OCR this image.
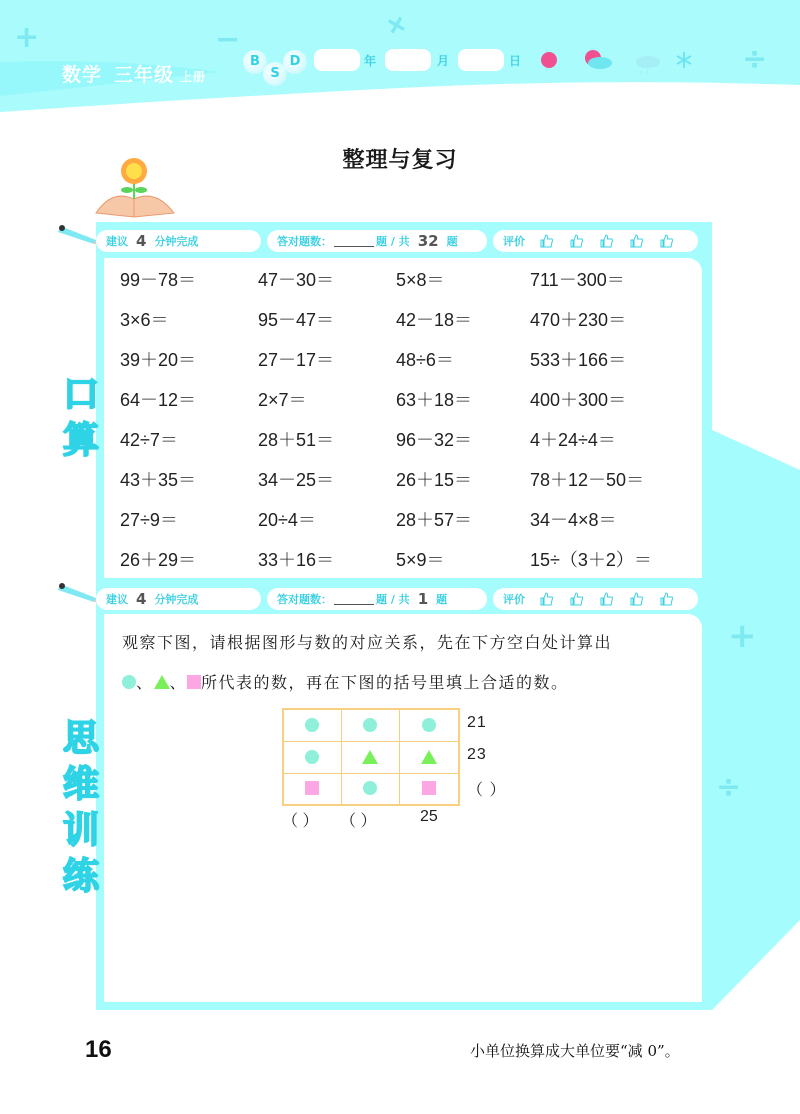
+	−	+
÷
数学 三年级 上册
B
S
D	年	月	日
整理与复习
建议 4 分钟完成	答对题数：	题 / 共 32 题	评价
口
算
99－78＝	47－30＝	5×8＝	711－300＝
3×6＝	95－47＝	42－18＝	470＋230＝
39＋20＝	27－17＝	48÷6＝	533＋166＝
64－12＝	2×7＝	63＋18＝	400＋300＝
42÷7＝	28＋51＝	96－32＝	4＋24÷4＝
43＋35＝	34－25＝	26＋15＝	78＋12－50＝
27÷9＝	20÷4＝	28＋57＝	34－4×8＝
26＋29＝	33＋16＝	5×9＝	15÷（3＋2）＝
建议 4 分钟完成	答对题数：	题 / 共 1 题	评价
+
÷
思
维
训
练
观察下图，请根据图形与数的对应关系，先在下方空白处计算出
、 、 所代表的数，再在下图的括号里填上合适的数。

21
23
（ ）
（ ） （ ）	25
16	小单位换算成大单位要“减 0”。
